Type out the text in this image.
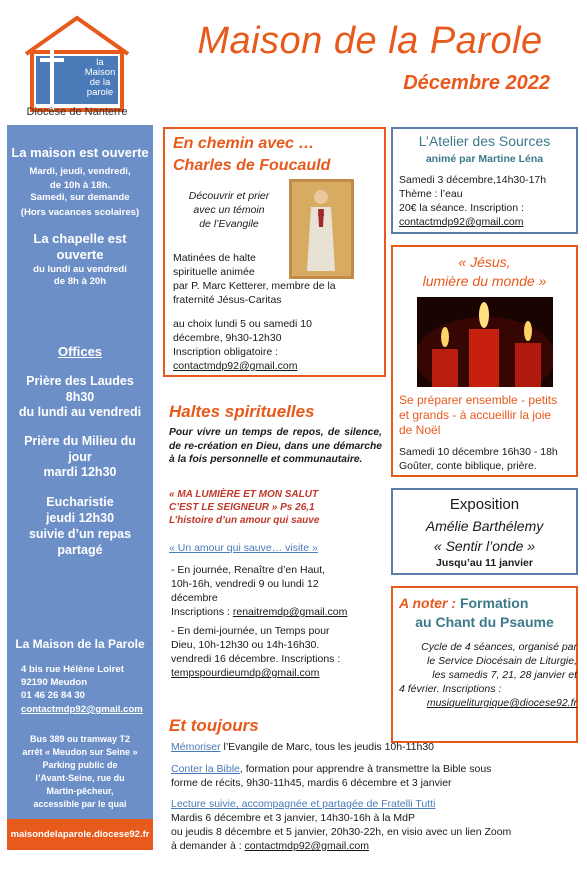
la
Maison
de la
parole
Diocèse de Nanterre
Maison de la Parole
Décembre 2022
La maison est ouverte
Mardi, jeudi, vendredi,
de 10h à 18h.
Samedi, sur demande
(Hors vacances scolaires)
La chapelle est
ouverte
du lundi au vendredi
de 8h à 20h
Offices
Prière des Laudes
8h30
du lundi au vendredi
Prière du Milieu du
jour
mardi 12h30
Eucharistie
jeudi 12h30
suivie d’un repas
partagé
La Maison de la Parole
4 bis rue Hélène Loiret
92190 Meudon
01 46 26 84 30
contactmdp92@gmail.com
Bus 389 ou tramway T2
arrêt « Meudon sur Seine »
Parking public de
l’Avant-Seine, rue du
Martin-pêcheur,
accessible par le quai
maisondelaparole.diocese92.fr
En chemin avec …
Charles de Foucauld
Découvrir et prier
avec un témoin
de l’Evangile
Matinées de halte
spirituelle animée
par P. Marc Ketterer, membre de la
fraternité Jésus-Caritas
au choix lundi 5 ou samedi 10
décembre, 9h30-12h30
Inscription obligatoire :
contactmdp92@gmail.com
Haltes spirituelles
Pour vivre un temps de repos, de silence, de re-création en Dieu, dans une démarche à la fois personnelle et communautaire.
« MA LUMIÈRE ET MON SALUT
C’EST LE SEIGNEUR » Ps 26,1
L’histoire d’un amour qui sauve
« Un amour qui sauve… visite »
- En journée, Renaître d’en Haut,
10h-16h, vendredi 9 ou lundi 12
décembre
Inscriptions : renaitremdp@gmail.com
- En demi-journée, un Temps pour
Dieu, 10h-12h30 ou 14h-16h30.
vendredi 16 décembre. Inscriptions :
tempspourdieumdp@gmail.com
L’Atelier des Sources
animé par Martine Léna
Samedi 3 décembre,14h30-17h
Thème : l’eau
20€ la séance. Inscription :
contactmdp92@gmail.com
« Jésus,
lumière du monde »
Se préparer ensemble - petits
et grands - à accueillir la joie
de Noël
Samedi 10 décembre 16h30 - 18h
Goûter, conte biblique, prière.
Exposition
Amélie Barthélemy
« Sentir l’onde »
Jusqu’au 11 janvier
A noter : Formation
au Chant du Psaume
Cycle de 4 séances, organisé par
le Service Diocésain de Liturgie,
les samedis 7, 21, 28 janvier et
4 février. Inscriptions :
musiqueliturgique@diocese92.fr
Et toujours
Mémoriser l’Evangile de Marc, tous les jeudis 10h-11h30
Conter la Bible, formation pour apprendre à transmettre la Bible sous
forme de récits, 9h30-11h45, mardis 6 décembre et 3 janvier
Lecture suivie, accompagnée et partagée de Fratelli Tutti
Mardis 6 décembre et 3 janvier, 14h30-16h à la MdP
ou jeudis 8 décembre et 5 janvier, 20h30-22h, en visio avec un lien Zoom
à demander à : contactmdp92@gmail.com
